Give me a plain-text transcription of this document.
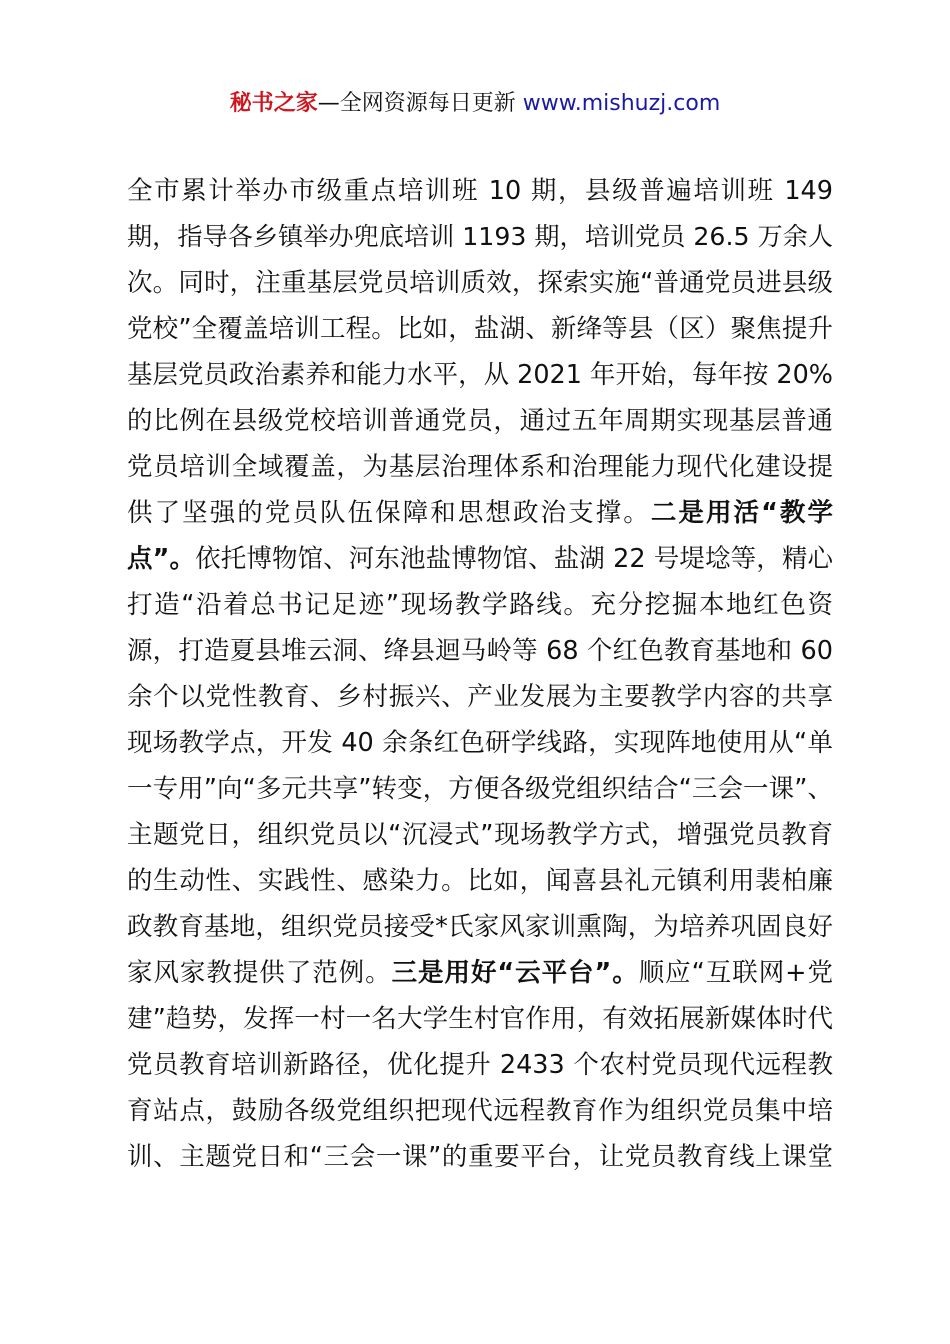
秘书之家—全网资源每日更新 www.mishuzj.com
全市累计举办市级重点培训班 10 期，县级普遍培训班 149
期，指导各乡镇举办兜底培训 1193 期，培训党员 26.5 万余人
次。同时，注重基层党员培训质效，探索实施“普通党员进县级
党校”全覆盖培训工程。比如，盐湖、新绛等县（区）聚焦提升
基层党员政治素养和能力水平，从 2021 年开始，每年按 20%
的比例在县级党校培训普通党员，通过五年周期实现基层普通
党员培训全域覆盖，为基层治理体系和治理能力现代化建设提
供了坚强的党员队伍保障和思想政治支撑。二是用活“教学
点”。依托博物馆、河东池盐博物馆、盐湖 22 号堤埝等，精心
打造“沿着总书记足迹”现场教学路线。充分挖掘本地红色资
源，打造夏县堆云洞、绛县迴马岭等 68 个红色教育基地和 60
余个以党性教育、乡村振兴、产业发展为主要教学内容的共享
现场教学点，开发 40 余条红色研学线路，实现阵地使用从“单
一专用”向“多元共享”转变，方便各级党组织结合“三会一课”、
主题党日，组织党员以“沉浸式”现场教学方式，增强党员教育
的生动性、实践性、感染力。比如，闻喜县礼元镇利用裴柏廉
政教育基地，组织党员接受*氏家风家训熏陶，为培养巩固良好
家风家教提供了范例。三是用好“云平台”。顺应“互联网+党
建”趋势，发挥一村一名大学生村官作用，有效拓展新媒体时代
党员教育培训新路径，优化提升 2433 个农村党员现代远程教
育站点，鼓励各级党组织把现代远程教育作为组织党员集中培
训、主题党日和“三会一课”的重要平台，让党员教育线上课堂
